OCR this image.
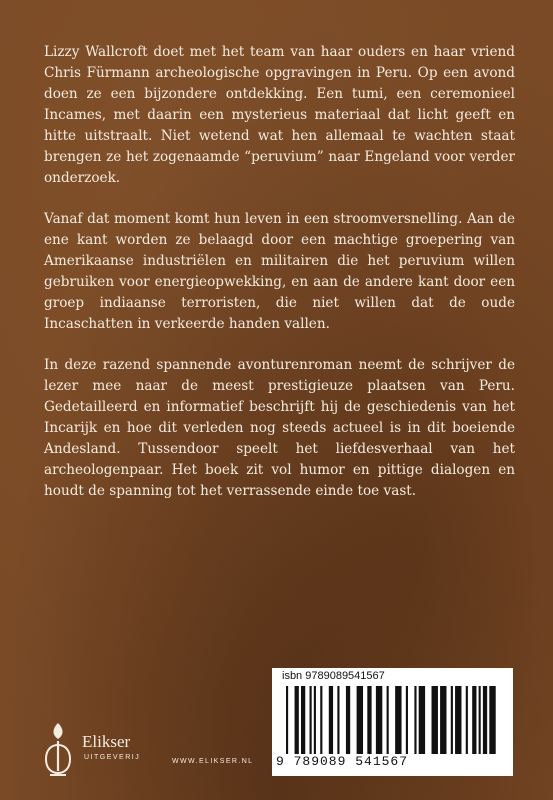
Lizzy Wallcroft doet met het team van haar ouders en haar vriend Chris Fürmann archeologische opgravingen in Peru. Op een avond doen ze een bijzondere ontdekking. Een tumi, een ceremonieel Incames, met daarin een mysterieus materiaal dat licht geeft en hitte uitstraalt. Niet wetend wat hen allemaal te wachten staat brengen ze het zogenaamde “peruvium” naar Engeland voor verder onderzoek.

Vanaf dat moment komt hun leven in een stroomversnelling. Aan de ene kant worden ze belaagd door een machtige groepering van Amerikaanse industriëlen en militairen die het peruvium willen gebruiken voor energieopwekking, en aan de andere kant door een groep indiaanse terroristen, die niet willen dat de oude Incaschatten in verkeerde handen vallen.

In deze razend spannende avonturenroman neemt de schrijver de lezer mee naar de meest prestigieuze plaatsen van Peru. Gedetailleerd en informatief beschrijft hij de geschiedenis van het Incarijk en hoe dit verleden nog steeds actueel is in dit boeiende Andesland. Tussendoor speelt het liefdesverhaal van het archeologenpaar. Het boek zit vol humor en pittige dialogen en houdt de spanning tot het verrassende einde toe vast.

isbn 9789089541567
9 789089 541567
Elikser
UITGEVERIJ
WWW.ELIKSER.NL
